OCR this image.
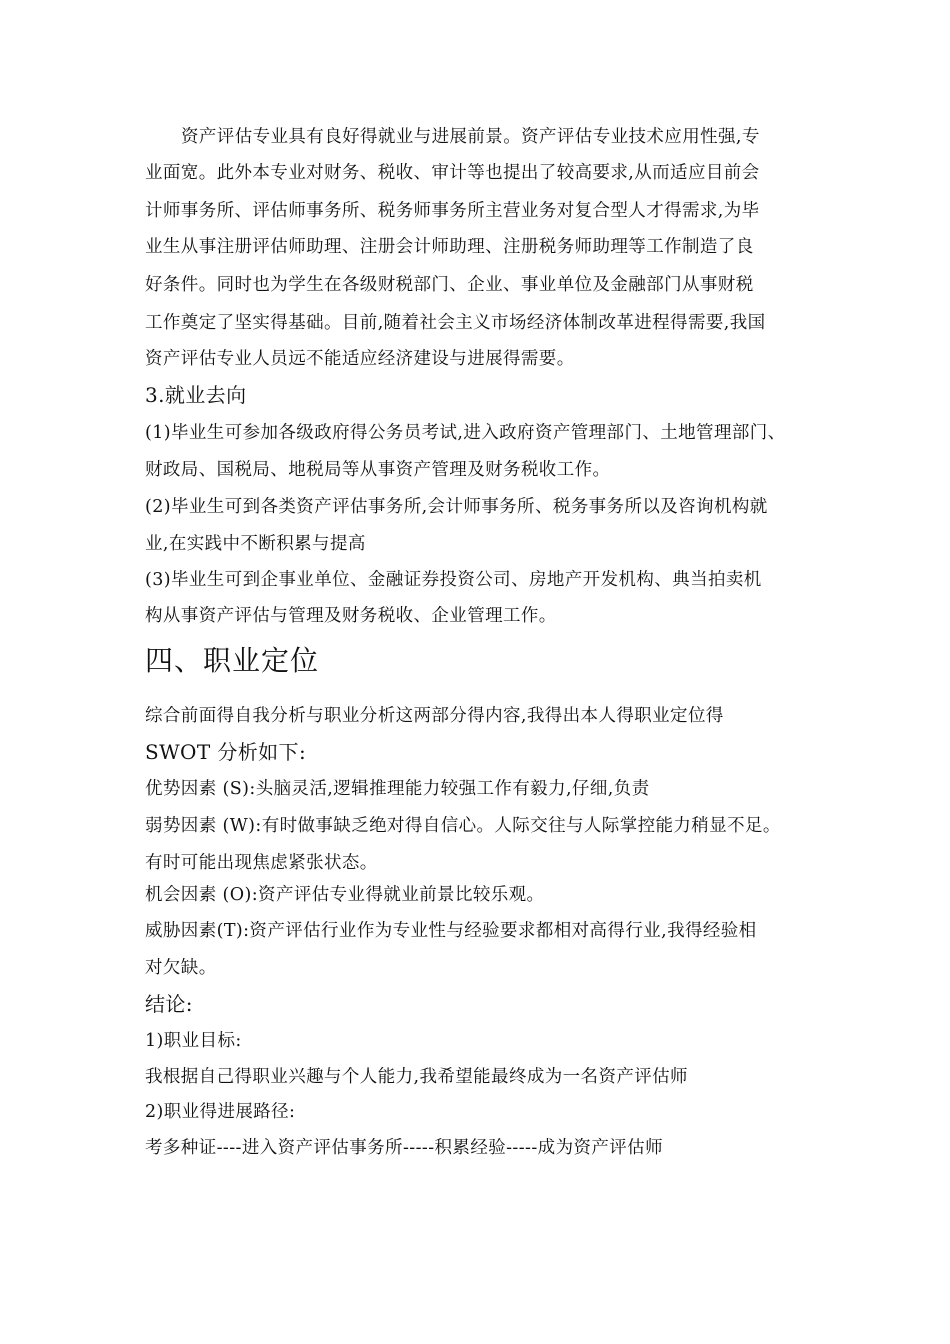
资产评估专业具有良好得就业与进展前景。资产评估专业技术应用性强,专
业面宽。此外本专业对财务、税收、审计等也提出了较高要求,从而适应目前会
计师事务所、评估师事务所、税务师事务所主营业务对复合型人才得需求,为毕
业生从事注册评估师助理、注册会计师助理、注册税务师助理等工作制造了良
好条件。同时也为学生在各级财税部门、企业、事业单位及金融部门从事财税
工作奠定了坚实得基础。目前,随着社会主义市场经济体制改革进程得需要,我国
资产评估专业人员远不能适应经济建设与进展得需要。
3.就业去向
(1)毕业生可参加各级政府得公务员考试,进入政府资产管理部门、土地管理部门、
财政局、国税局、地税局等从事资产管理及财务税收工作。
(2)毕业生可到各类资产评估事务所,会计师事务所、税务事务所以及咨询机构就
业,在实践中不断积累与提高
(3)毕业生可到企事业单位、金融证券投资公司、房地产开发机构、典当拍卖机
构从事资产评估与管理及财务税收、企业管理工作。
四、职业定位
综合前面得自我分析与职业分析这两部分得内容,我得出本人得职业定位得
SWOT 分析如下:
优势因素 (S):头脑灵活,逻辑推理能力较强工作有毅力,仔细,负责
弱势因素 (W):有时做事缺乏绝对得自信心。人际交往与人际掌控能力稍显不足。
有时可能出现焦虑紧张状态。
机会因素 (O):资产评估专业得就业前景比较乐观。
威胁因素(T):资产评估行业作为专业性与经验要求都相对高得行业,我得经验相
对欠缺。
结论:
1)职业目标:
我根据自己得职业兴趣与个人能力,我希望能最终成为一名资产评估师
2)职业得进展路径:
考多种证----进入资产评估事务所-----积累经验-----成为资产评估师
